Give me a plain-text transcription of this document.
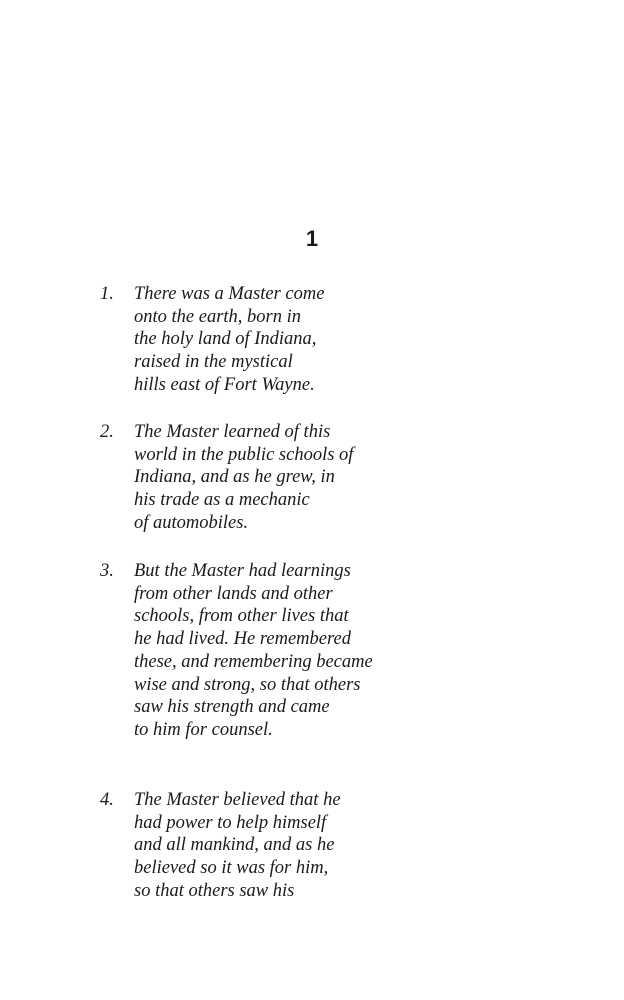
1
1.	There was a Master come
onto the earth, born in
the holy land of Indiana,
raised in the mystical
hills east of Fort Wayne.
2.	The Master learned of this
world in the public schools of
Indiana, and as he grew, in
his trade as a mechanic
of automobiles.
3.	But the Master had learnings
from other lands and other
schools, from other lives that
he had lived. He remembered
these, and remembering became
wise and strong, so that others
saw his strength and came
to him for counsel.
4.	The Master believed that he
had power to help himself
and all mankind, and as he
believed so it was for him,
so that others saw his
